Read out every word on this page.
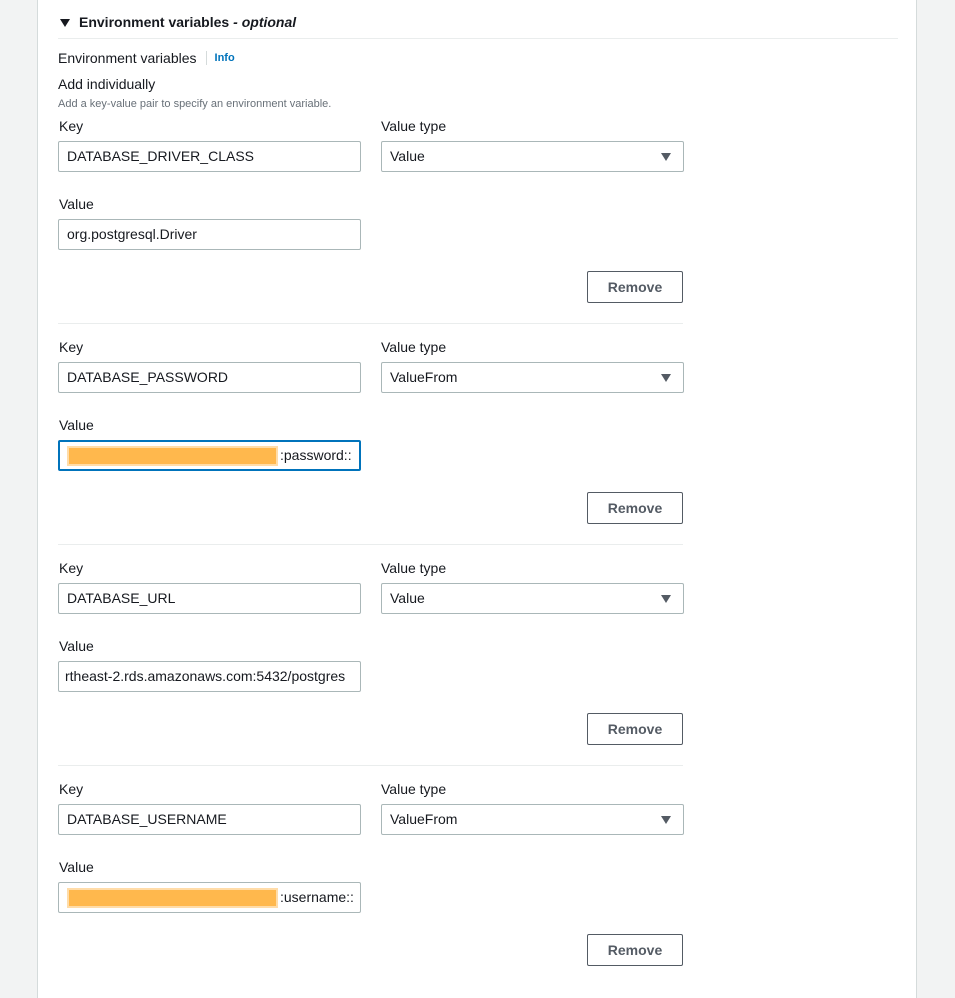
Environment variables - optional
Environment variables Info
Add individually
Add a key-value pair to specify an environment variable.
Key	Value type
DATABASE_DRIVER_CLASS	Value
Value
org.postgresql.Driver
Remove
Key	Value type
DATABASE_PASSWORD	ValueFrom
Value
:password::
Remove
Key	Value type
DATABASE_URL	Value
Value
rtheast-2.rds.amazonaws.com:5432/postgres
Remove
Key	Value type
DATABASE_USERNAME	ValueFrom
Value
:username::
Remove
